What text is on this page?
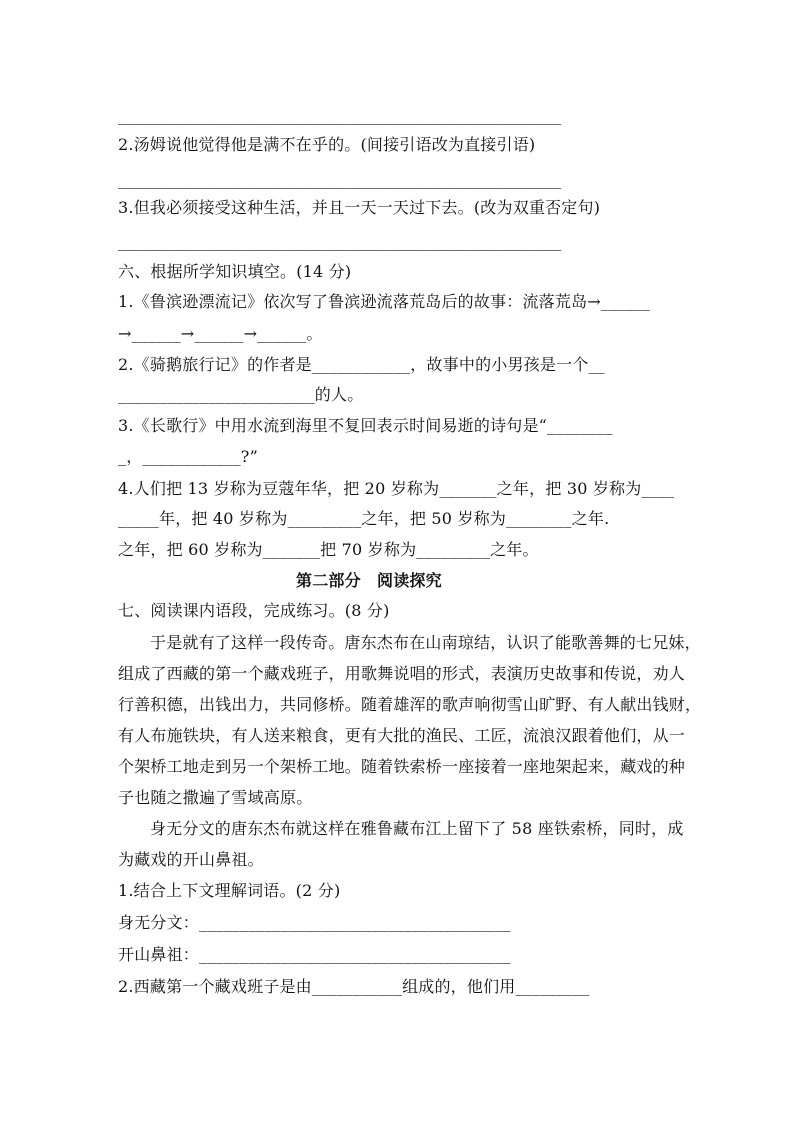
______________________________________________
2.汤姆说他觉得他是满不在乎的。(间接引语改为直接引语)
______________________________________________
3.但我必须接受这种生活，并且一天一天过下去。(改为双重否定句)
______________________________________________
六、根据所学知识填空。(14 分)
1.《鲁滨逊漂流记》依次写了鲁滨逊流落荒岛后的故事：流落荒岛→______
→______→______→______。
2.《骑鹅旅行记》的作者是____________，故事中的小男孩是一个__
________________________的人。
3.《长歌行》中用水流到海里不复回表示时间易逝的诗句是“________
_，____________?”
4.人们把 13 岁称为豆蔻年华，把 20 岁称为_______之年，把 30 岁称为____
_____年，把 40 岁称为_________之年，把 50 岁称为________之年.
之年，把 60 岁称为_______把 70 岁称为_________之年。
第二部分　阅读探究
七、阅读课内语段，完成练习。(8 分)
于是就有了这样一段传奇。唐东杰布在山南琼结，认识了能歌善舞的七兄妹，
组成了西藏的第一个藏戏班子，用歌舞说唱的形式，表演历史故事和传说，劝人
行善积德，出钱出力，共同修桥。随着雄浑的歌声响彻雪山旷野、有人献出钱财，
有人布施铁块，有人送来粮食，更有大批的渔民、工匠，流浪汉跟着他们，从一
个架桥工地走到另一个架桥工地。随着铁索桥一座接着一座地架起来，藏戏的种
子也随之撒遍了雪域高原。
身无分文的唐东杰布就这样在雅鲁藏布江上留下了 58 座铁索桥，同时，成
为藏戏的开山鼻祖。
1.结合上下文理解词语。(2 分)
身无分文：______________________________________
开山鼻祖：______________________________________
2.西藏第一个藏戏班子是由___________组成的，他们用_________
